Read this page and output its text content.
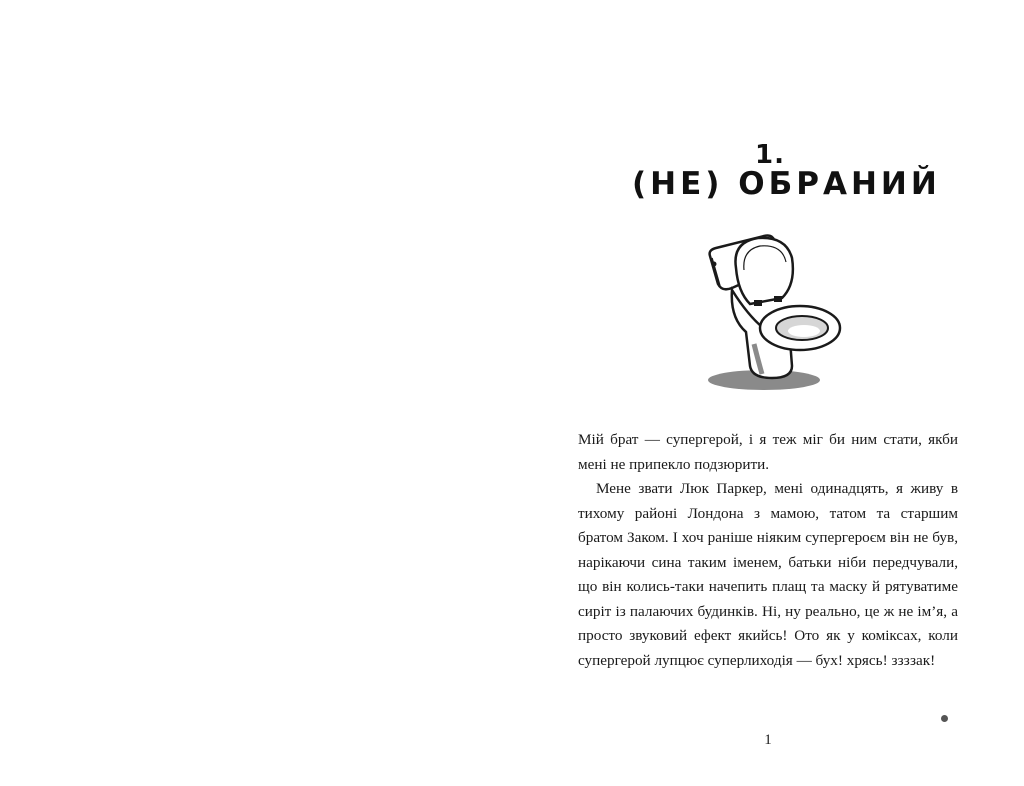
1.
(НЕ) ОБРАНИЙ

Мій брат — супергерой, і я теж міг би ним стати, якби мені не припекло подзюрити.

Мене звати Люк Паркер, мені одинадцять, я живу в тихому районі Лондона з мамою, татом та старшим братом Заком. І хоч раніше ніяким супергероєм він не був, нарікаючи сина таким іменем, батьки ніби передчували, що він колись-таки начепить плащ та маску й рятуватиме сиріт із палаючих будинків. Ні, ну реально, це ж не ім’я, а просто звуковий ефект якийсь! Ото як у коміксах, коли супергерой лупцює суперлиходія — бух! хрясь! ззззак!

1
